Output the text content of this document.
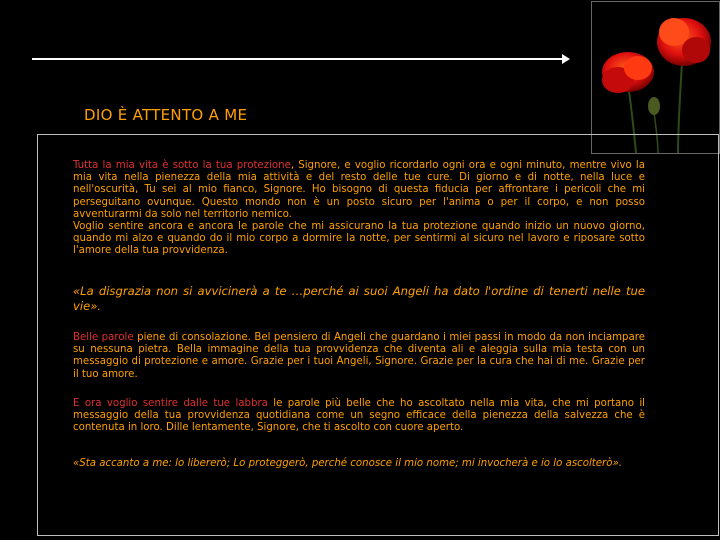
DIO È ATTENTO A ME
Tutta la mia vita è sotto la tua protezione, Signore, e voglio ricordarlo ogni ora e ogni minuto, mentre vivo la mia vita nella pienezza della mia attività e del resto delle tue cure. Di giorno e di notte, nella luce e nell'oscurità, Tu sei al mio fianco, Signore. Ho bisogno di questa fiducia per affrontare i pericoli che mi perseguitano ovunque. Questo mondo non è un posto sicuro per l'anima o per il corpo, e non posso avventurarmi da solo nel territorio nemico.
Voglio sentire ancora e ancora le parole che mi assicurano la tua protezione quando inizio un nuovo giorno, quando mi alzo e quando do il mio corpo a dormire la notte, per sentirmi al sicuro nel lavoro e riposare sotto l'amore della tua provvidenza.
«La disgrazia non si avvicinerà a te …perché ai suoi Angeli ha dato l'ordine di tenerti nelle tue vie».
Belle parole piene di consolazione. Bel pensiero di Angeli che guardano i miei passi in modo da non inciampare su nessuna pietra. Bella immagine della tua provvidenza che diventa ali e aleggia sulla mia testa con un messaggio di protezione e amore. Grazie per i tuoi Angeli, Signore. Grazie per la cura che hai di me. Grazie per il tuo amore.
E ora voglio sentire dalle tue labbra le parole più belle che ho ascoltato nella mia vita, che mi portano il messaggio della tua provvidenza quotidiana come un segno efficace della pienezza della salvezza che è contenuta in loro. Dille lentamente, Signore, che ti ascolto con cuore aperto.
«Sta accanto a me: lo libererò; Lo proteggerò, perché conosce il mio nome; mi invocherà e io lo ascolterò».
